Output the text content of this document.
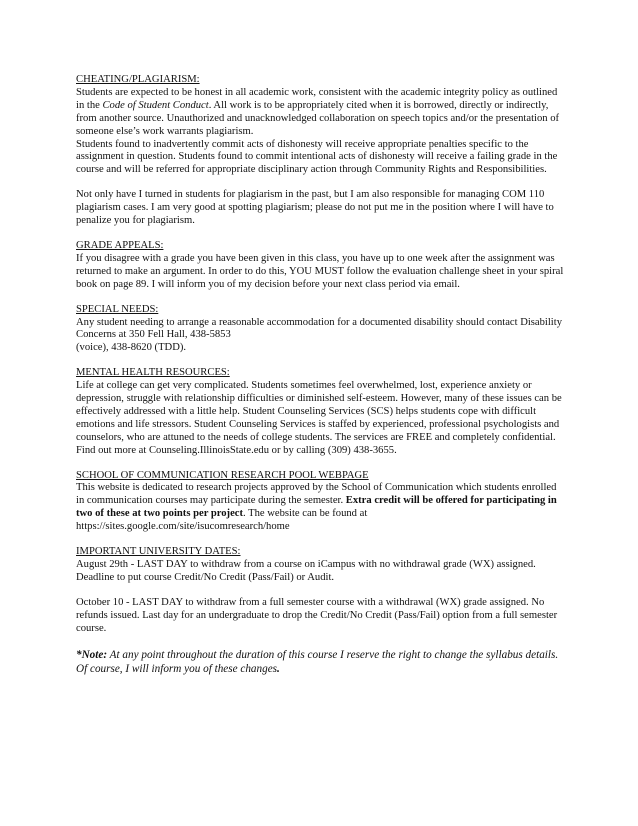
CHEATING/PLAGIARISM:

Students are expected to be honest in all academic work, consistent with the academic integrity policy as outlined in the Code of Student Conduct. All work is to be appropriately cited when it is borrowed, directly or indirectly, from another source. Unauthorized and unacknowledged collaboration on speech topics and/or the presentation of someone else’s work warrants plagiarism.

Students found to inadvertently commit acts of dishonesty will receive appropriate penalties specific to the assignment in question. Students found to commit intentional acts of dishonesty will receive a failing grade in the course and will be referred for appropriate disciplinary action through Community Rights and Responsibilities.

Not only have I turned in students for plagiarism in the past, but I am also responsible for managing COM 110 plagiarism cases. I am very good at spotting plagiarism; please do not put me in the position where I will have to penalize you for plagiarism.

GRADE APPEALS:

If you disagree with a grade you have been given in this class, you have up to one week after the assignment was returned to make an argument. In order to do this, YOU MUST follow the evaluation challenge sheet in your spiral book on page 89. I will inform you of my decision before your next class period via email.

SPECIAL NEEDS:

Any student needing to arrange a reasonable accommodation for a documented disability should contact Disability Concerns at 350 Fell Hall, 438-5853

(voice), 438-8620 (TDD).

MENTAL HEALTH RESOURCES:

Life at college can get very complicated. Students sometimes feel overwhelmed, lost, experience anxiety or depression, struggle with relationship difficulties or diminished self-esteem. However, many of these issues can be effectively addressed with a little help. Student Counseling Services (SCS) helps students cope with difficult emotions and life stressors. Student Counseling Services is staffed by experienced, professional psychologists and counselors, who are attuned to the needs of college students. The services are FREE and completely confidential. Find out more at Counseling.IllinoisState.edu or by calling (309) 438-3655.

SCHOOL OF COMMUNICATION RESEARCH POOL WEBPAGE

This website is dedicated to research projects approved by the School of Communication which students enrolled in communication courses may participate during the semester. Extra credit will be offered for participating in two of these at two points per project. The website can be found at https://sites.google.com/site/isucomresearch/home

IMPORTANT UNIVERSITY DATES:

August 29th - LAST DAY to withdraw from a course on iCampus with no withdrawal grade (WX) assigned. Deadline to put course Credit/No Credit (Pass/Fail) or Audit.

October 10 - LAST DAY to withdraw from a full semester course with a withdrawal (WX) grade assigned. No refunds issued. Last day for an undergraduate to drop the Credit/No Credit (Pass/Fail) option from a full semester course.

*Note: At any point throughout the duration of this course I reserve the right to change the syllabus details. Of course, I will inform you of these changes.
